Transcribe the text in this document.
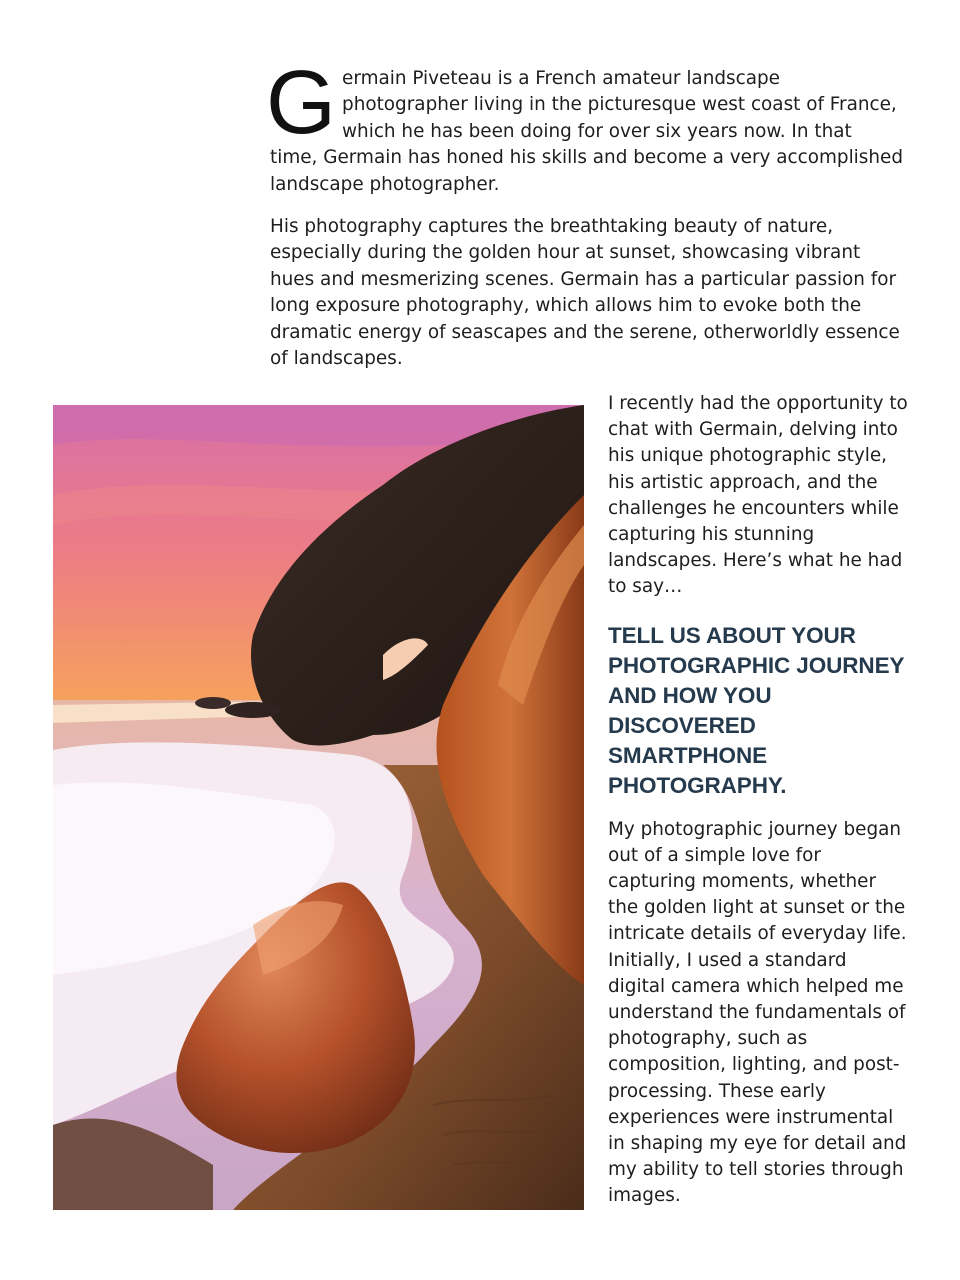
Germain Piveteau is a French amateur landscape photographer living in the picturesque west coast of France, which he has been doing for over six years now. In that time, Germain has honed his skills and become a very accomplished landscape photographer.

His photography captures the breathtaking beauty of nature, especially during the golden hour at sunset, showcasing vibrant hues and mesmerizing scenes. Germain has a particular passion for long exposure photography, which allows him to evoke both the dramatic energy of seascapes and the serene, otherworldly essence of landscapes.

I recently had the opportunity to chat with Germain, delving into his unique photographic style, his artistic approach, and the challenges he encounters while capturing his stunning landscapes. Here’s what he had to say…

TELL US ABOUT YOUR PHOTOGRAPHIC JOURNEY AND HOW YOU DISCOVERED SMARTPHONE PHOTOGRAPHY.

My photographic journey began out of a simple love for capturing moments, whether the golden light at sunset or the intricate details of everyday life. Initially, I used a standard digital camera which helped me understand the fundamentals of photography, such as composition, lighting, and post-processing. These early experiences were instrumental in shaping my eye for detail and my ability to tell stories through images.
